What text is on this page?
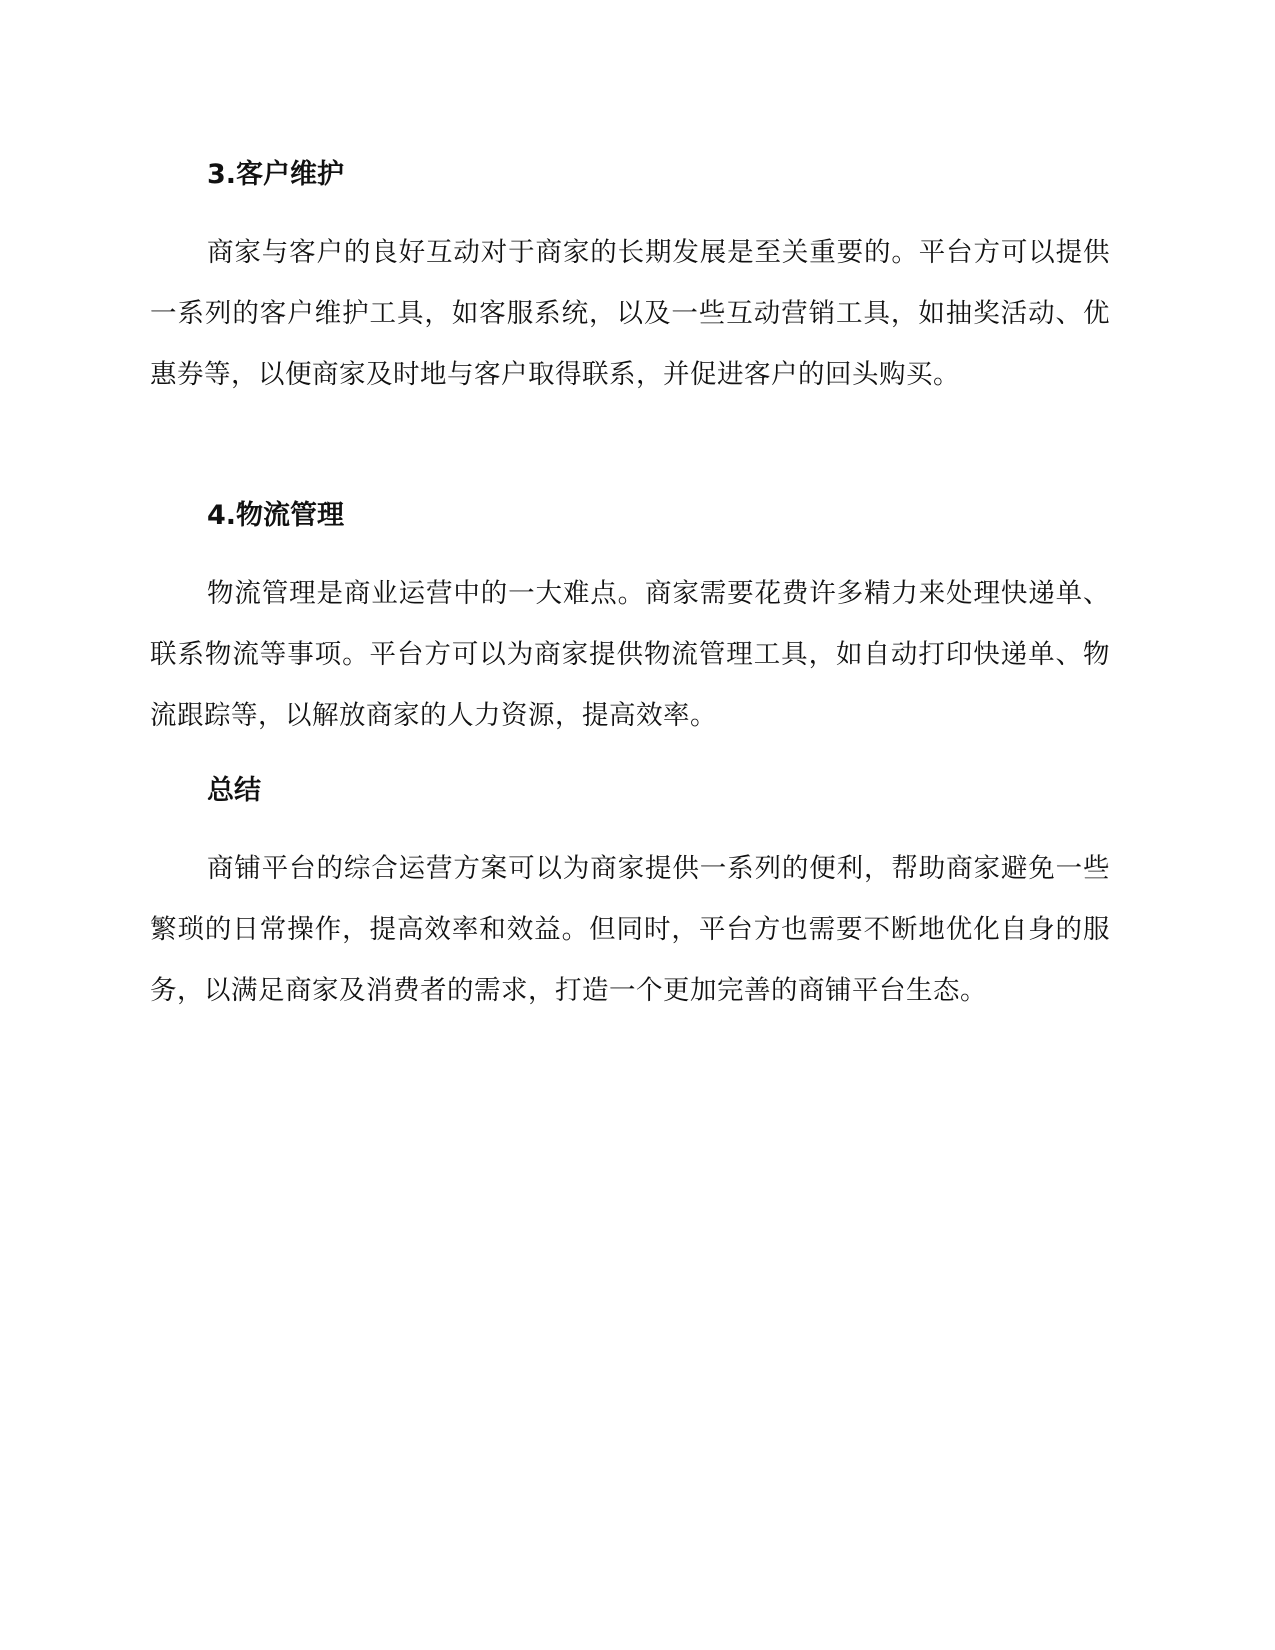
3.客户维护
商家与客户的良好互动对于商家的长期发展是至关重要的。平台方可以提供一系列的客户维护工具，如客服系统，以及一些互动营销工具，如抽奖活动、优惠券等，以便商家及时地与客户取得联系，并促进客户的回头购买。
4.物流管理
物流管理是商业运营中的一大难点。商家需要花费许多精力来处理快递单、联系物流等事项。平台方可以为商家提供物流管理工具，如自动打印快递单、物流跟踪等，以解放商家的人力资源，提高效率。
总结
商铺平台的综合运营方案可以为商家提供一系列的便利，帮助商家避免一些繁琐的日常操作，提高效率和效益。但同时，平台方也需要不断地优化自身的服务，以满足商家及消费者的需求，打造一个更加完善的商铺平台生态。
